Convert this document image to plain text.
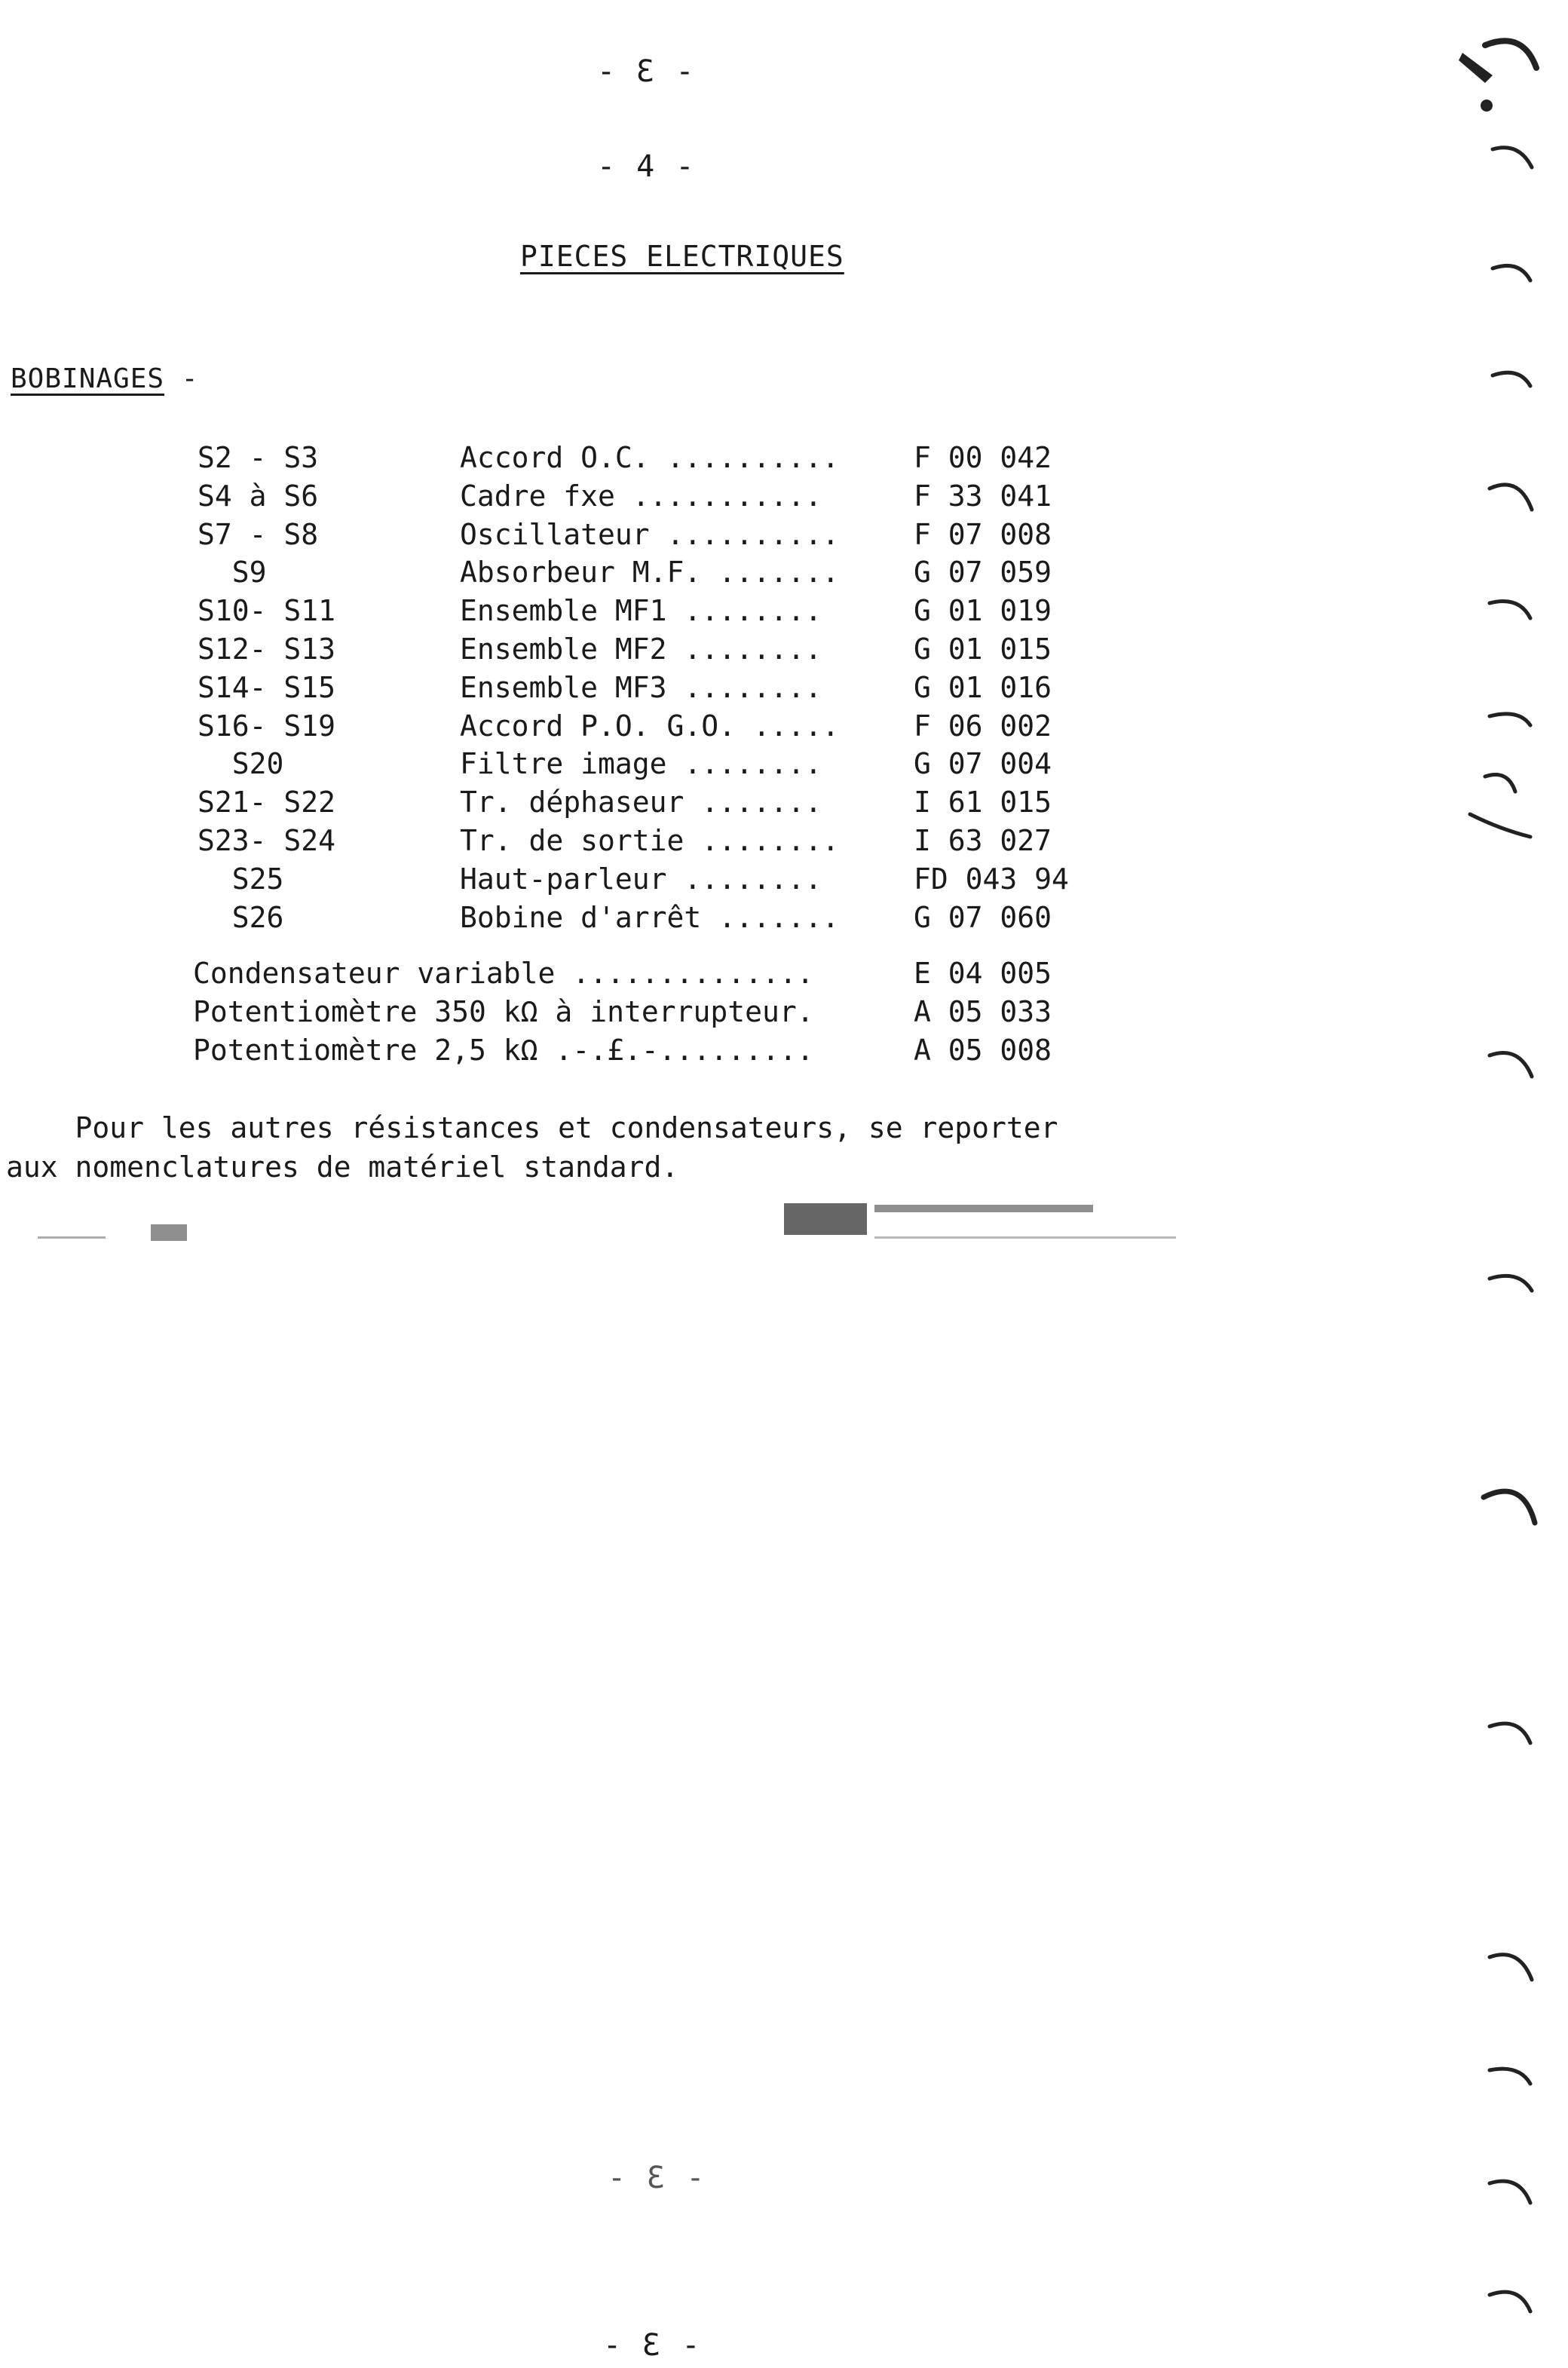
- Ɛ -
- 4 -
PIECES ELECTRIQUES
BOBINAGES -
S2 - S3	Accord O.C. ..........	F 00 042
S4 à S6	Cadre fxe ...........	F 33 041
S7 - S8	Oscillateur ..........	F 07 008
S9	Absorbeur M.F. .......	G 07 059
S10- S11	Ensemble MF1 ........	G 01 019
S12- S13	Ensemble MF2 ........	G 01 015
S14- S15	Ensemble MF3 ........	G 01 016
S16- S19	Accord P.O. G.O. .....	F 06 002
S20	Filtre image ........	G 07 004
S21- S22	Tr. déphaseur .......	I 61 015
S23- S24	Tr. de sortie ........	I 63 027
S25	Haut-parleur ........	FD 043 94
S26	Bobine d'arrêt .......	G 07 060
Condensateur variable ..............	E 04 005
Potentiomètre 350 kΩ à interrupteur.	A 05 033
Potentiomètre 2,5 kΩ .-.£.-.........	A 05 008
Pour les autres résistances et condensateurs, se reporter
aux nomenclatures de matériel standard.
- Ɛ -
- Ɛ -
